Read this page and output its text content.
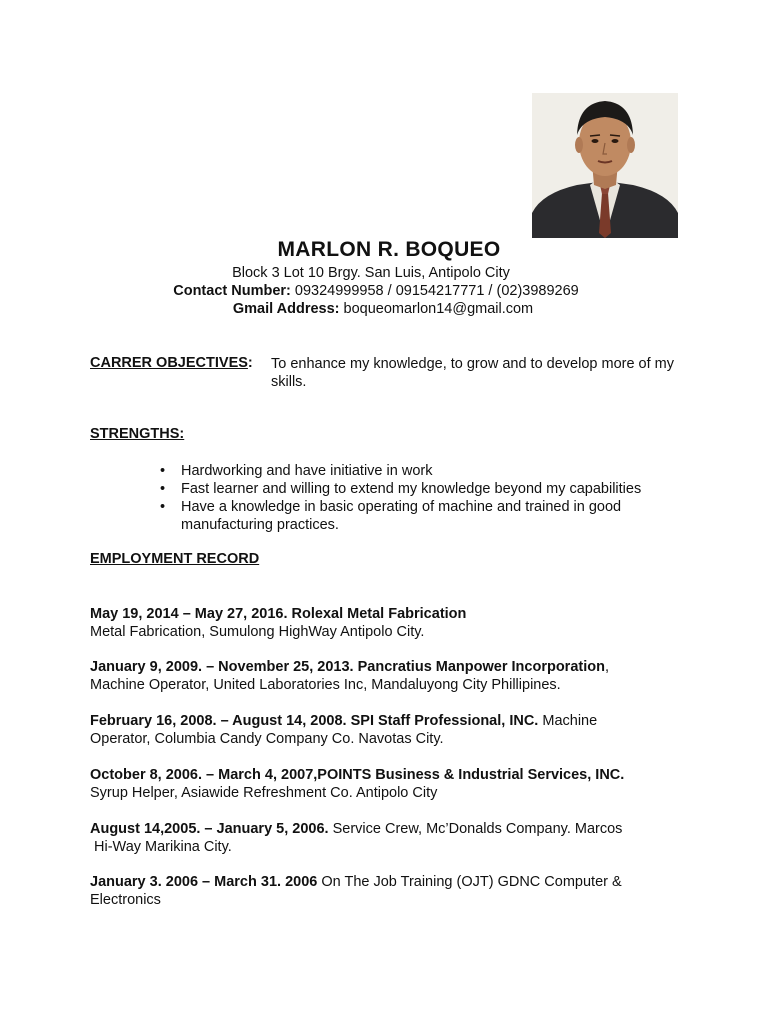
MARLON R. BOQUEO
Block 3 Lot 10 Brgy. San Luis, Antipolo City
Contact Number: 09324999958 / 09154217771 / (02)3989269
Gmail Address: boqueomarlon14@gmail.com
CARRER OBJECTIVES: To enhance my knowledge, to grow and to develop more of my skills.
STRENGTHS:
• Hardworking and have initiative in work
• Fast learner and willing to extend my knowledge beyond my capabilities
• Have a knowledge in basic operating of machine and trained in good manufacturing practices.
EMPLOYMENT RECORD
May 19, 2014 – May 27, 2016. Rolexal Metal Fabrication
Metal Fabrication, Sumulong HighWay Antipolo City.
January 9, 2009. – November 25, 2013. Pancratius Manpower Incorporation,
Machine Operator, United Laboratories Inc, Mandaluyong City Phillipines.
February 16, 2008. – August 14, 2008. SPI Staff Professional, INC. Machine
Operator, Columbia Candy Company Co. Navotas City.
October 8, 2006. – March 4, 2007,POINTS Business & Industrial Services, INC.
Syrup Helper, Asiawide Refreshment Co. Antipolo City
August 14,2005. – January 5, 2006. Service Crew, Mc’Donalds Company. Marcos
Hi-Way Marikina City.
January 3. 2006 – March 31. 2006 On The Job Training (OJT) GDNC Computer &
Electronics
